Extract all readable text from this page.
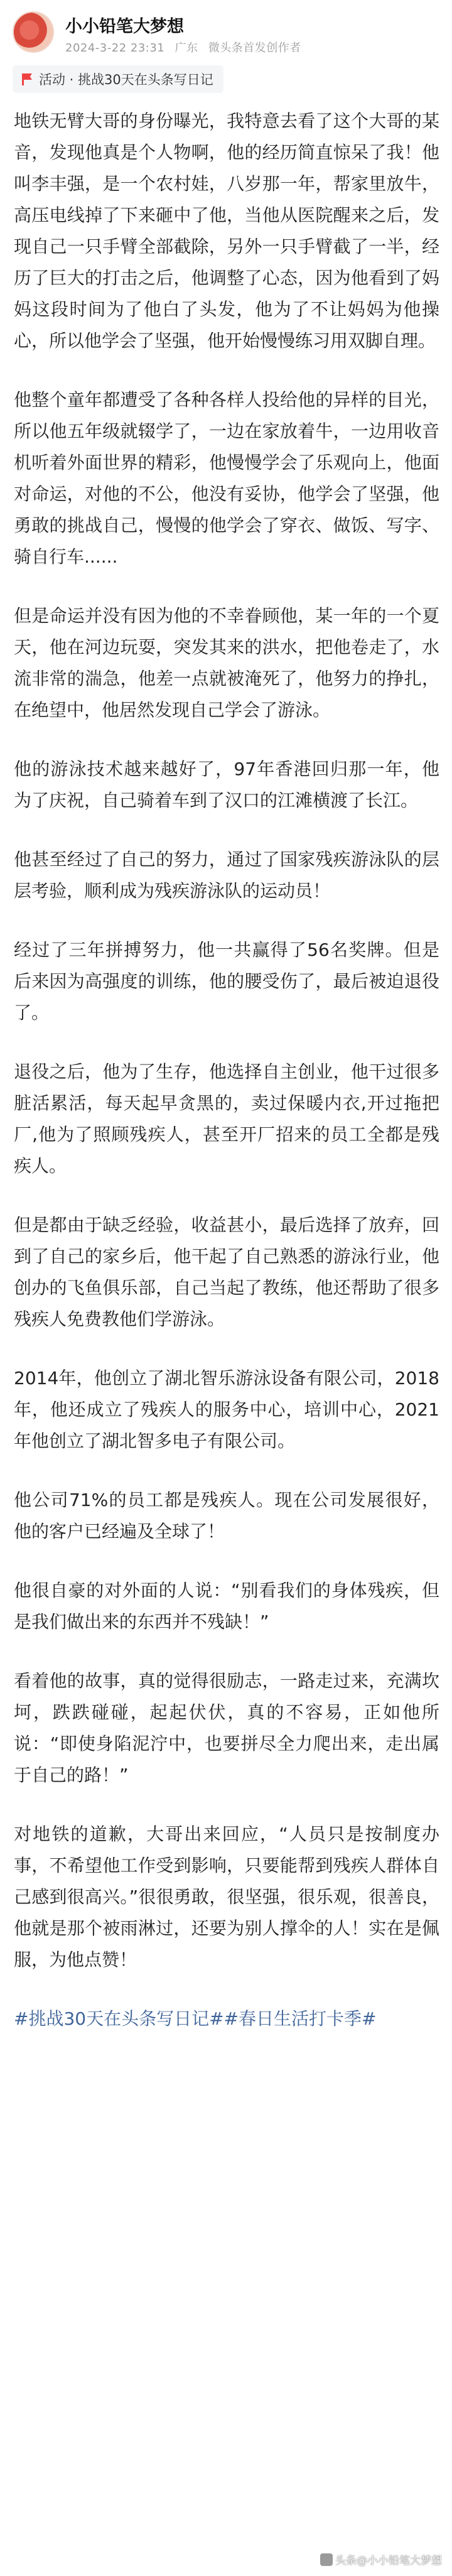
小小铅笔大梦想
2024-3-22 23:31 广东 微头条首发创作者
活动 · 挑战30天在头条写日记

地铁无臂大哥的身份曝光，我特意去看了这个大哥的某音，发现他真是个人物啊，他的经历简直惊呆了我！他叫李丰强，是一个农村娃，八岁那一年，帮家里放牛，高压电线掉了下来砸中了他，当他从医院醒来之后，发现自己一只手臂全部截除，另外一只手臂截了一半，经历了巨大的打击之后，他调整了心态，因为他看到了妈妈这段时间为了他白了头发，他为了不让妈妈为他操心，所以他学会了坚强，他开始慢慢练习用双脚自理。

他整个童年都遭受了各种各样人投给他的异样的目光，所以他五年级就辍学了，一边在家放着牛，一边用收音机听着外面世界的精彩，他慢慢学会了乐观向上，他面对命运，对他的不公，他没有妥协，他学会了坚强，他勇敢的挑战自己，慢慢的他学会了穿衣、做饭、写字、骑自行车......

但是命运并没有因为他的不幸眷顾他，某一年的一个夏天，他在河边玩耍，突发其来的洪水，把他卷走了，水流非常的湍急，他差一点就被淹死了，他努力的挣扎，在绝望中，他居然发现自己学会了游泳。

他的游泳技术越来越好了，97年香港回归那一年，他为了庆祝，自己骑着车到了汉口的江滩横渡了长江。

他甚至经过了自己的努力，通过了国家残疾游泳队的层层考验，顺利成为残疾游泳队的运动员！

经过了三年拼搏努力，他一共赢得了56名奖牌。但是后来因为高强度的训练，他的腰受伤了，最后被迫退役了。

退役之后，他为了生存，他选择自主创业，他干过很多脏活累活，每天起早贪黑的，卖过保暖内衣,开过拖把厂,他为了照顾残疾人，甚至开厂招来的员工全都是残疾人。

但是都由于缺乏经验，收益甚小，最后选择了放弃，回到了自己的家乡后，他干起了自己熟悉的游泳行业，他创办的飞鱼俱乐部，自己当起了教练，他还帮助了很多残疾人免费教他们学游泳。

2014年，他创立了湖北智乐游泳设备有限公司，2018年，他还成立了残疾人的服务中心，培训中心，2021年他创立了湖北智多电子有限公司。

他公司71%的员工都是残疾人。现在公司发展很好，他的客户已经遍及全球了！

他很自豪的对外面的人说：“别看我们的身体残疾，但是我们做出来的东西并不残缺！”

看着他的故事，真的觉得很励志，一路走过来，充满坎坷，跌跌碰碰，起起伏伏，真的不容易，正如他所说：“即使身陷泥泞中，也要拼尽全力爬出来，走出属于自己的路！”

对地铁的道歉，大哥出来回应，“人员只是按制度办事，不希望他工作受到影响，只要能帮到残疾人群体自己感到很高兴。”很很勇敢，很坚强，很乐观，很善良，他就是那个被雨淋过，还要为别人撑伞的人！实在是佩服，为他点赞！

#挑战30天在头条写日记##春日生活打卡季#

头条@小小铅笔大梦想
